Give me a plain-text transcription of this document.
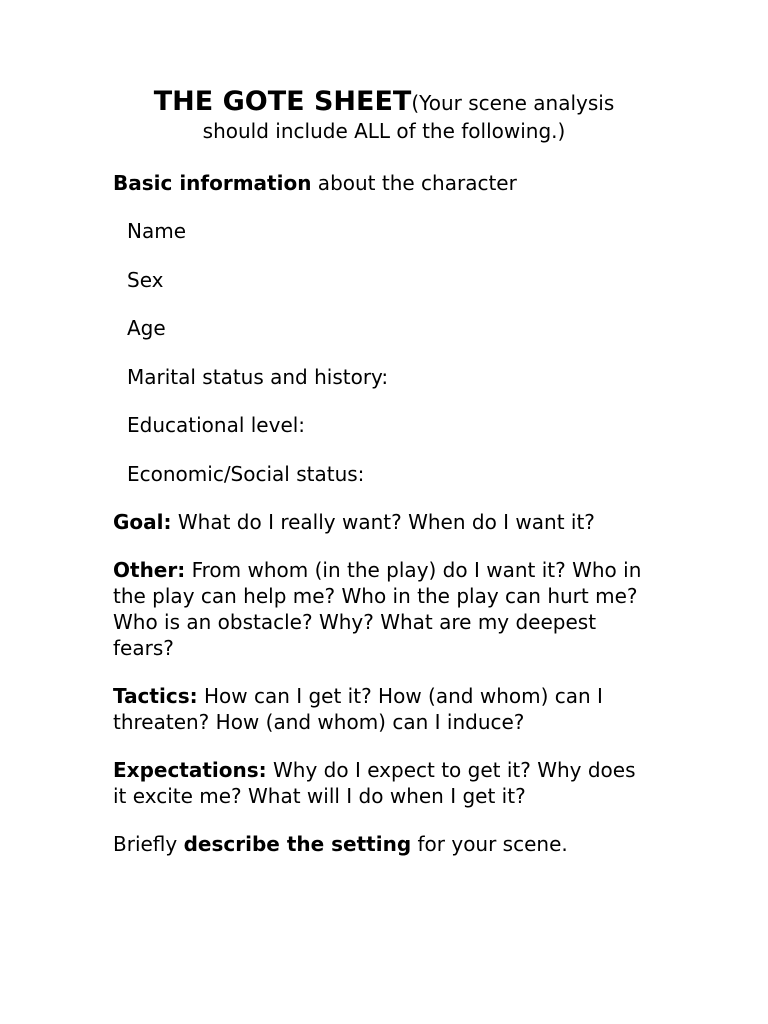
THE GOTE SHEET(Your scene analysis
should include ALL of the following.)

Basic information about the character

Name

Sex

Age

Marital status and history:

Educational level:

Economic/Social status:

Goal: What do I really want? When do I want it?

Other: From whom (in the play) do I want it? Who in the play can help me? Who in the play can hurt me? Who is an obstacle? Why? What are my deepest fears?

Tactics: How can I get it? How (and whom) can I threaten? How (and whom) can I induce?

Expectations: Why do I expect to get it? Why does it excite me? What will I do when I get it?

Briefly describe the setting for your scene.
